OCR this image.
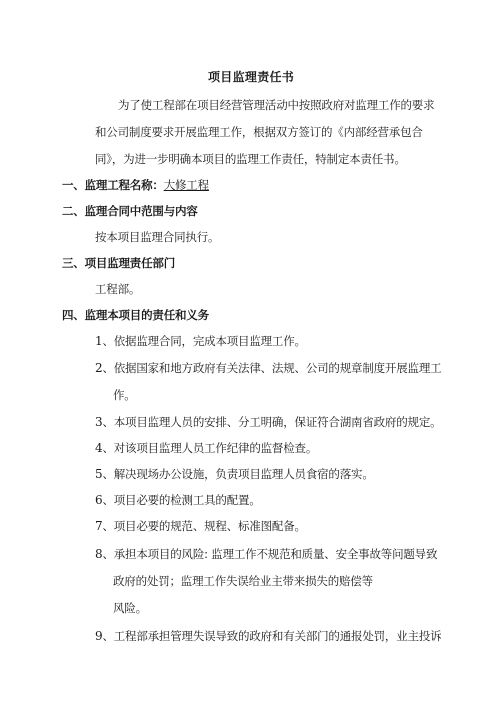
项目监理责任书
为了使工程部在项目经营管理活动中按照政府对监理工作的要求
和公司制度要求开展监理工作，根据双方签订的《内部经营承包合
同》，为进一步明确本项目的监理工作责任，特制定本责任书。
一、监理工程名称：大修工程
二、监理合同中范围与内容
按本项目监理合同执行。
三、项目监理责任部门
工程部。
四、监理本项目的责任和义务
1、依据监理合同，完成本项目监理工作。
2、依据国家和地方政府有关法律、法规、公司的规章制度开展监理工
作。
3、本项目监理人员的安排、分工明确，保证符合湖南省政府的规定。
4、对该项目监理人员工作纪律的监督检查。
5、解决现场办公设施，负责项目监理人员食宿的落实。
6、项目必要的检测工具的配置。
7、项目必要的规范、规程、标准图配备。
8、承担本项目的风险: 监理工作不规范和质量、安全事故等问题导致
政府的处罚；监理工作失误给业主带来损失的赔偿等
风险。
9、工程部承担管理失误导致的政府和有关部门的通报处罚，业主投诉
